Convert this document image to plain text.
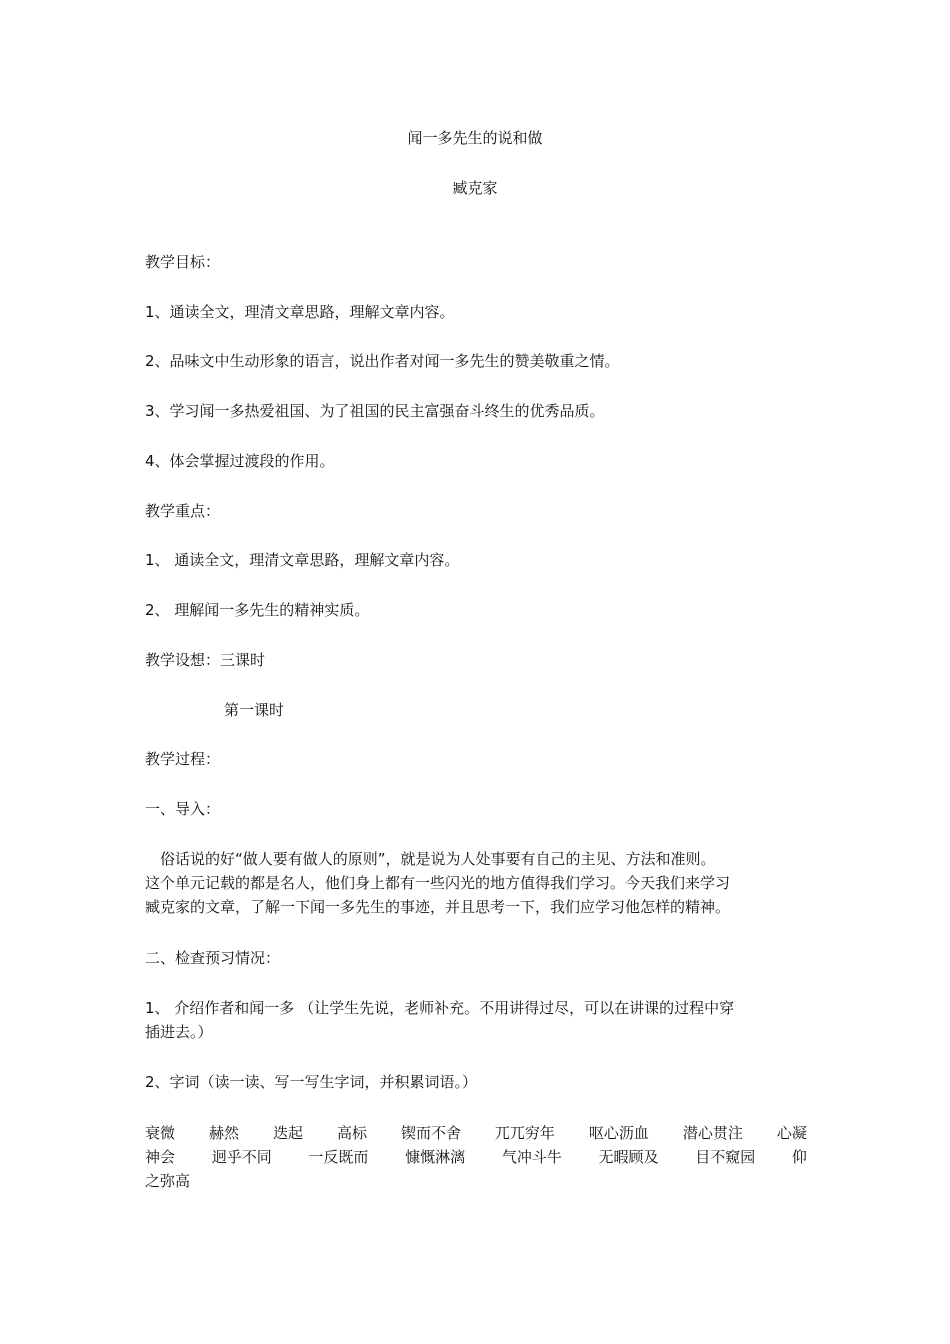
闻一多先生的说和做
臧克家
教学目标：
1、通读全文，理清文章思路，理解文章内容。
2、品味文中生动形象的语言，说出作者对闻一多先生的赞美敬重之情。
3、学习闻一多热爱祖国、为了祖国的民主富强奋斗终生的优秀品质。
4、体会掌握过渡段的作用。
教学重点：
1、 通读全文，理清文章思路，理解文章内容。
2、 理解闻一多先生的精神实质。
教学设想：三课时
第一课时
教学过程：
一、导入：

　俗话说的好“做人要有做人的原则”，就是说为人处事要有自己的主见、方法和准则。

这个单元记载的都是名人，他们身上都有一些闪光的地方值得我们学习。今天我们来学习

臧克家的文章，了解一下闻一多先生的事迹，并且思考一下，我们应学习他怎样的精神。

二、检查预习情况：

1、 介绍作者和闻一多 （让学生先说，老师补充。不用讲得过尽，可以在讲课的过程中穿

插进去。）

2、字词（读一读、写一写生字词，并积累词语。）
衰微 赫然 迭起 高标 锲而不舍 兀兀穷年 呕心沥血 潜心贯注 心凝
神会 迥乎不同 一反既而 慷慨淋漓 气冲斗牛 无暇顾及 目不窥园 仰
之弥高
